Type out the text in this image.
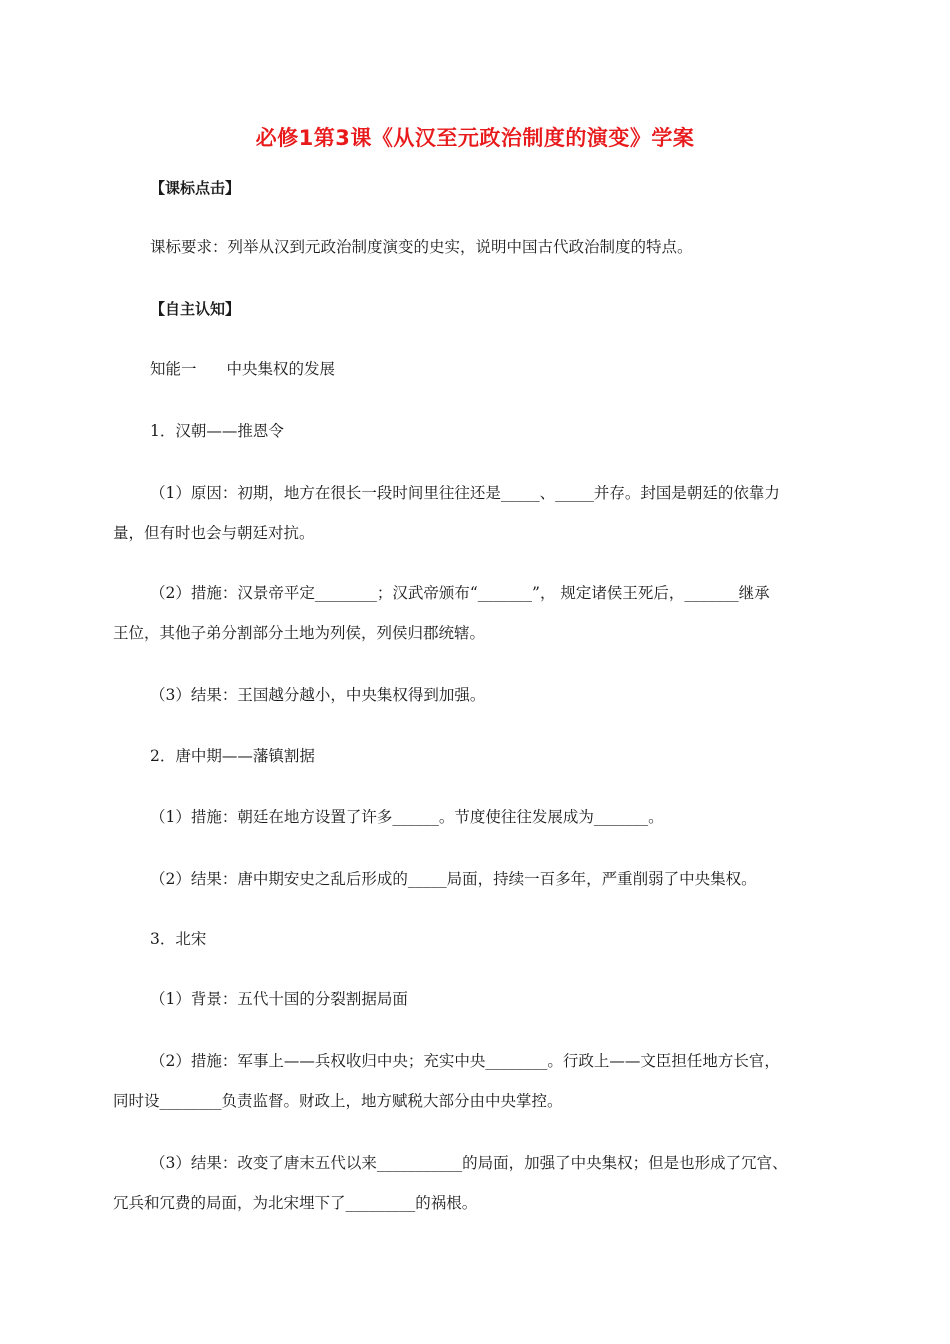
必修1第3课《从汉至元政治制度的演变》学案
【课标点击】
课标要求：列举从汉到元政治制度演变的史实，说明中国古代政治制度的特点。
【自主认知】
知能一 中央集权的发展
1．汉朝——推恩令
（1）原因：初期，地方在很长一段时间里往往还是_____、_____并存。封国是朝廷的依靠力
量，但有时也会与朝廷对抗。
（2）措施：汉景帝平定________；汉武帝颁布“_______”， 规定诸侯王死后，_______继承
王位，其他子弟分割部分土地为列侯，列侯归郡统辖。
（3）结果：王国越分越小，中央集权得到加强。
2．唐中期——藩镇割据
（1）措施：朝廷在地方设置了许多______。节度使往往发展成为_______。
（2）结果：唐中期安史之乱后形成的_____局面，持续一百多年，严重削弱了中央集权。
3．北宋
（1）背景：五代十国的分裂割据局面
（2）措施：军事上——兵权收归中央；充实中央________。行政上——文臣担任地方长官，
同时设________负责监督。财政上，地方赋税大部分由中央掌控。
（3）结果：改变了唐末五代以来___________的局面，加强了中央集权；但是也形成了冗官、
冗兵和冗费的局面，为北宋埋下了_________的祸根。
